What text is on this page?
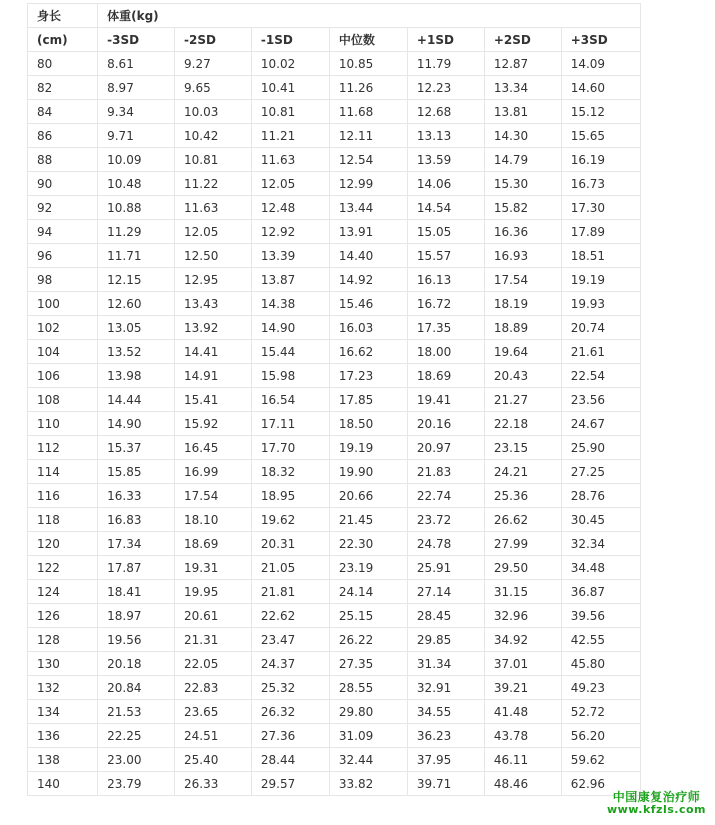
身长	体重(kg)						
(cm)	-3SD	-2SD	-1SD	中位数	+1SD	+2SD	+3SD
80	8.61	9.27	10.02	10.85	11.79	12.87	14.09
82	8.97	9.65	10.41	11.26	12.23	13.34	14.60
84	9.34	10.03	10.81	11.68	12.68	13.81	15.12
86	9.71	10.42	11.21	12.11	13.13	14.30	15.65
88	10.09	10.81	11.63	12.54	13.59	14.79	16.19
90	10.48	11.22	12.05	12.99	14.06	15.30	16.73
92	10.88	11.63	12.48	13.44	14.54	15.82	17.30
94	11.29	12.05	12.92	13.91	15.05	16.36	17.89
96	11.71	12.50	13.39	14.40	15.57	16.93	18.51
98	12.15	12.95	13.87	14.92	16.13	17.54	19.19
100	12.60	13.43	14.38	15.46	16.72	18.19	19.93
102	13.05	13.92	14.90	16.03	17.35	18.89	20.74
104	13.52	14.41	15.44	16.62	18.00	19.64	21.61
106	13.98	14.91	15.98	17.23	18.69	20.43	22.54
108	14.44	15.41	16.54	17.85	19.41	21.27	23.56
110	14.90	15.92	17.11	18.50	20.16	22.18	24.67
112	15.37	16.45	17.70	19.19	20.97	23.15	25.90
114	15.85	16.99	18.32	19.90	21.83	24.21	27.25
116	16.33	17.54	18.95	20.66	22.74	25.36	28.76
118	16.83	18.10	19.62	21.45	23.72	26.62	30.45
120	17.34	18.69	20.31	22.30	24.78	27.99	32.34
122	17.87	19.31	21.05	23.19	25.91	29.50	34.48
124	18.41	19.95	21.81	24.14	27.14	31.15	36.87
126	18.97	20.61	22.62	25.15	28.45	32.96	39.56
128	19.56	21.31	23.47	26.22	29.85	34.92	42.55
130	20.18	22.05	24.37	27.35	31.34	37.01	45.80
132	20.84	22.83	25.32	28.55	32.91	39.21	49.23
134	21.53	23.65	26.32	29.80	34.55	41.48	52.72
136	22.25	24.51	27.36	31.09	36.23	43.78	56.20
138	23.00	25.40	28.44	32.44	37.95	46.11	59.62
140	23.79	26.33	29.57	33.82	39.71	48.46	62.96
中国康复治疗师
www.kfzls.com
